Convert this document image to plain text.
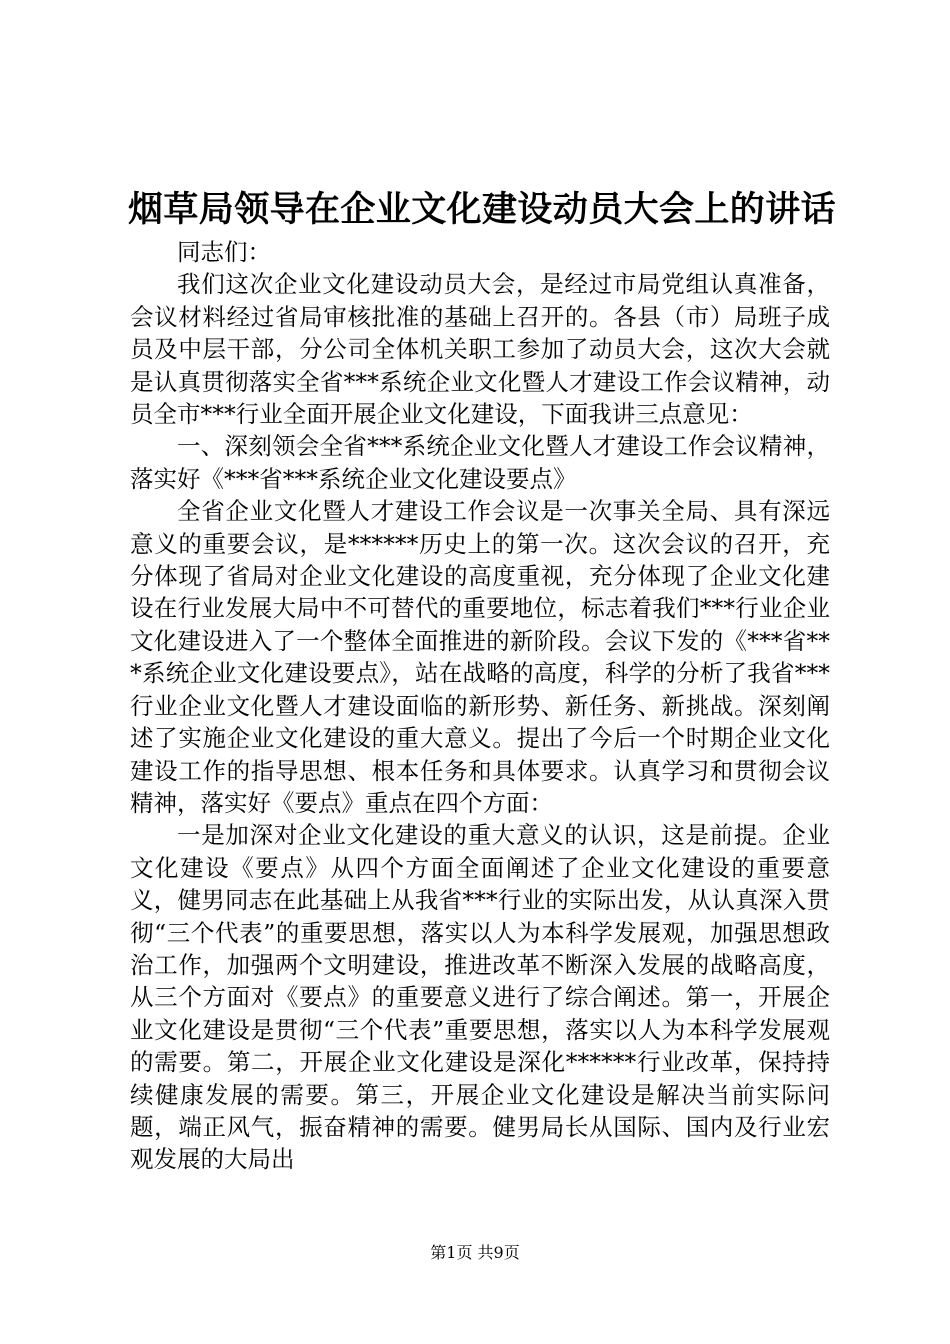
烟草局领导在企业文化建设动员大会上的讲话

同志们：

我们这次企业文化建设动员大会，是经过市局党组认真准备，会议材料经过省局审核批准的基础上召开的。各县（市）局班子成员及中层干部，分公司全体机关职工参加了动员大会，这次大会就是认真贯彻落实全省***系统企业文化暨人才建设工作会议精神，动员全市***行业全面开展企业文化建设，下面我讲三点意见：

一、深刻领会全省***系统企业文化暨人才建设工作会议精神，落实好《***省***系统企业文化建设要点》

全省企业文化暨人才建设工作会议是一次事关全局、具有深远意义的重要会议，是******历史上的第一次。这次会议的召开，充分体现了省局对企业文化建设的高度重视，充分体现了企业文化建设在行业发展大局中不可替代的重要地位，标志着我们***行业企业文化建设进入了一个整体全面推进的新阶段。会议下发的《***省***系统企业文化建设要点》，站在战略的高度，科学的分析了我省***行业企业文化暨人才建设面临的新形势、新任务、新挑战。深刻阐述了实施企业文化建设的重大意义。提出了今后一个时期企业文化建设工作的指导思想、根本任务和具体要求。认真学习和贯彻会议精神，落实好《要点》重点在四个方面：

一是加深对企业文化建设的重大意义的认识，这是前提。企业文化建设《要点》从四个方面全面阐述了企业文化建设的重要意义，健男同志在此基础上从我省***行业的实际出发，从认真深入贯彻“三个代表”的重要思想，落实以人为本科学发展观，加强思想政治工作，加强两个文明建设，推进改革不断深入发展的战略高度，从三个方面对《要点》的重要意义进行了综合阐述。第一，开展企业文化建设是贯彻“三个代表”重要思想，落实以人为本科学发展观的需要。第二，开展企业文化建设是深化******行业改革，保持持续健康发展的需要。第三，开展企业文化建设是解决当前实际问题，端正风气，振奋精神的需要。健男局长从国际、国内及行业宏观发展的大局出

第1页 共9页
